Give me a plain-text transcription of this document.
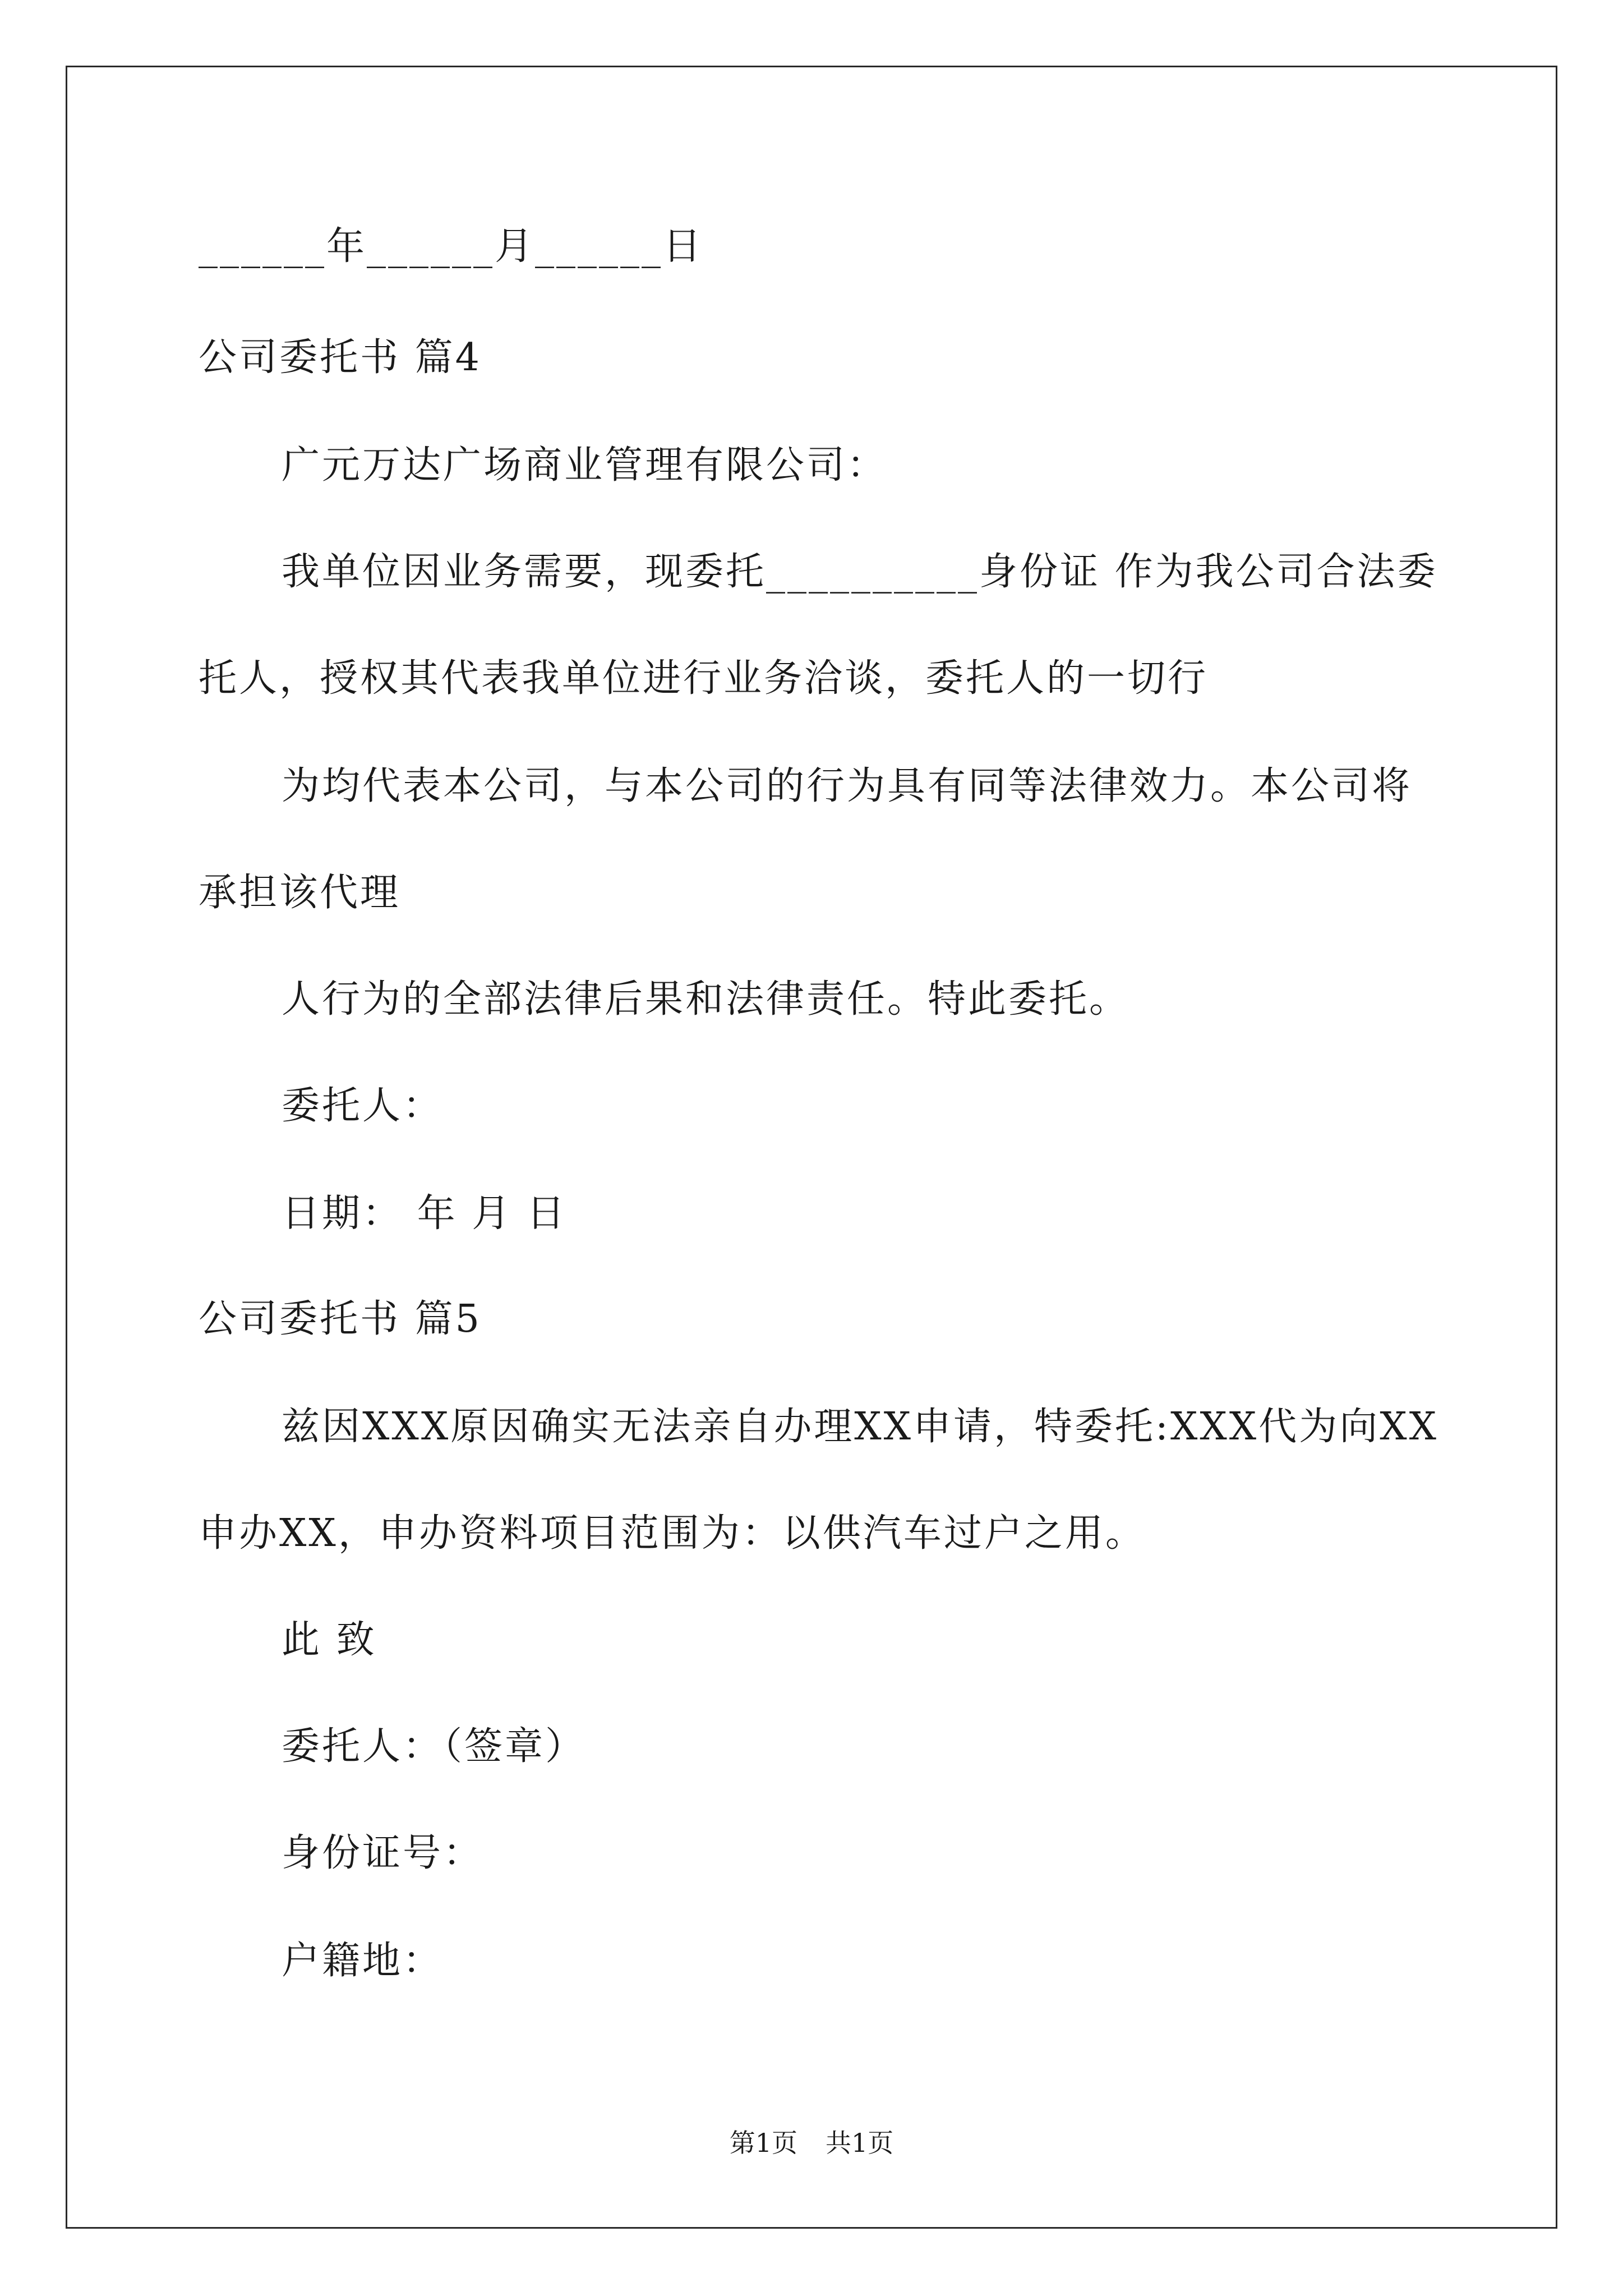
______年______月______日
公司委托书 篇4
广元万达广场商业管理有限公司：
我单位因业务需要，现委托__________身份证 作为我公司合法委
托人，授权其代表我单位进行业务洽谈，委托人的一切行
为均代表本公司，与本公司的行为具有同等法律效力。本公司将
承担该代理
人行为的全部法律后果和法律责任。特此委托。
委托人：
日期： 年 月 日
公司委托书 篇5
兹因XXX原因确实无法亲自办理XX申请，特委托:XXX代为向XX
申办XX，申办资料项目范围为：以供汽车过户之用。
此 致
委托人：（签章）
身份证号：
户籍地：
第1页 共1页
